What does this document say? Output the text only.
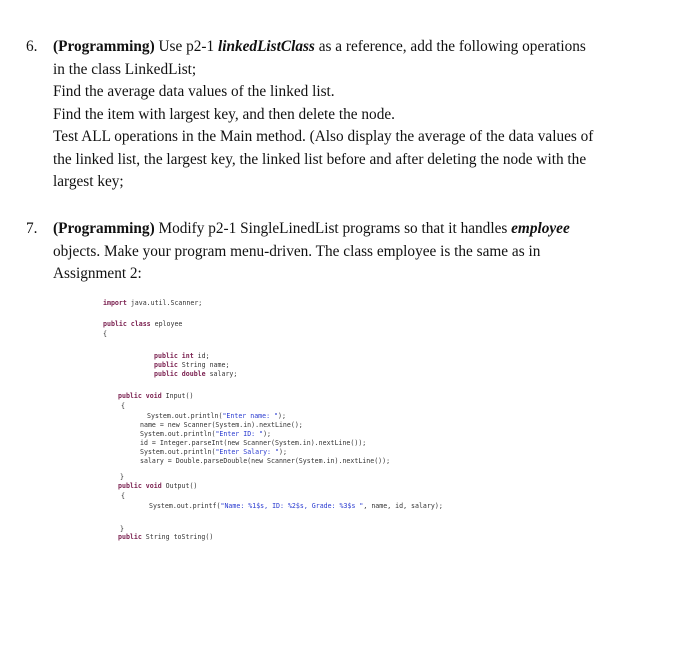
6. (Programming) Use p2-1 linkedListClass as a reference, add the following operations
in the class LinkedList;
Find the average data values of the linked list.
Find the item with largest key, and then delete the node.
Test ALL operations in the Main method. (Also display the average of the data values of
the linked list, the largest key, the linked list before and after deleting the node with the
largest key;
7. (Programming) Modify p2-1 SingleLinedList programs so that it handles employee
objects. Make your program menu-driven. The class employee is the same as in
Assignment 2:
import java.util.Scanner;
public class eployee
{
public int id;
public String name;
public double salary;
public void Input()
{
System.out.println("Enter name: ");
name = new Scanner(System.in).nextLine();
System.out.println("Enter ID: ");
id = Integer.parseInt(new Scanner(System.in).nextLine());
System.out.println("Enter Salary: ");
salary = Double.parseDouble(new Scanner(System.in).nextLine());
}
public void Output()
{
System.out.printf("Name: %1$s, ID: %2$s, Grade: %3$s ", name, id, salary);
}
public String toString()
